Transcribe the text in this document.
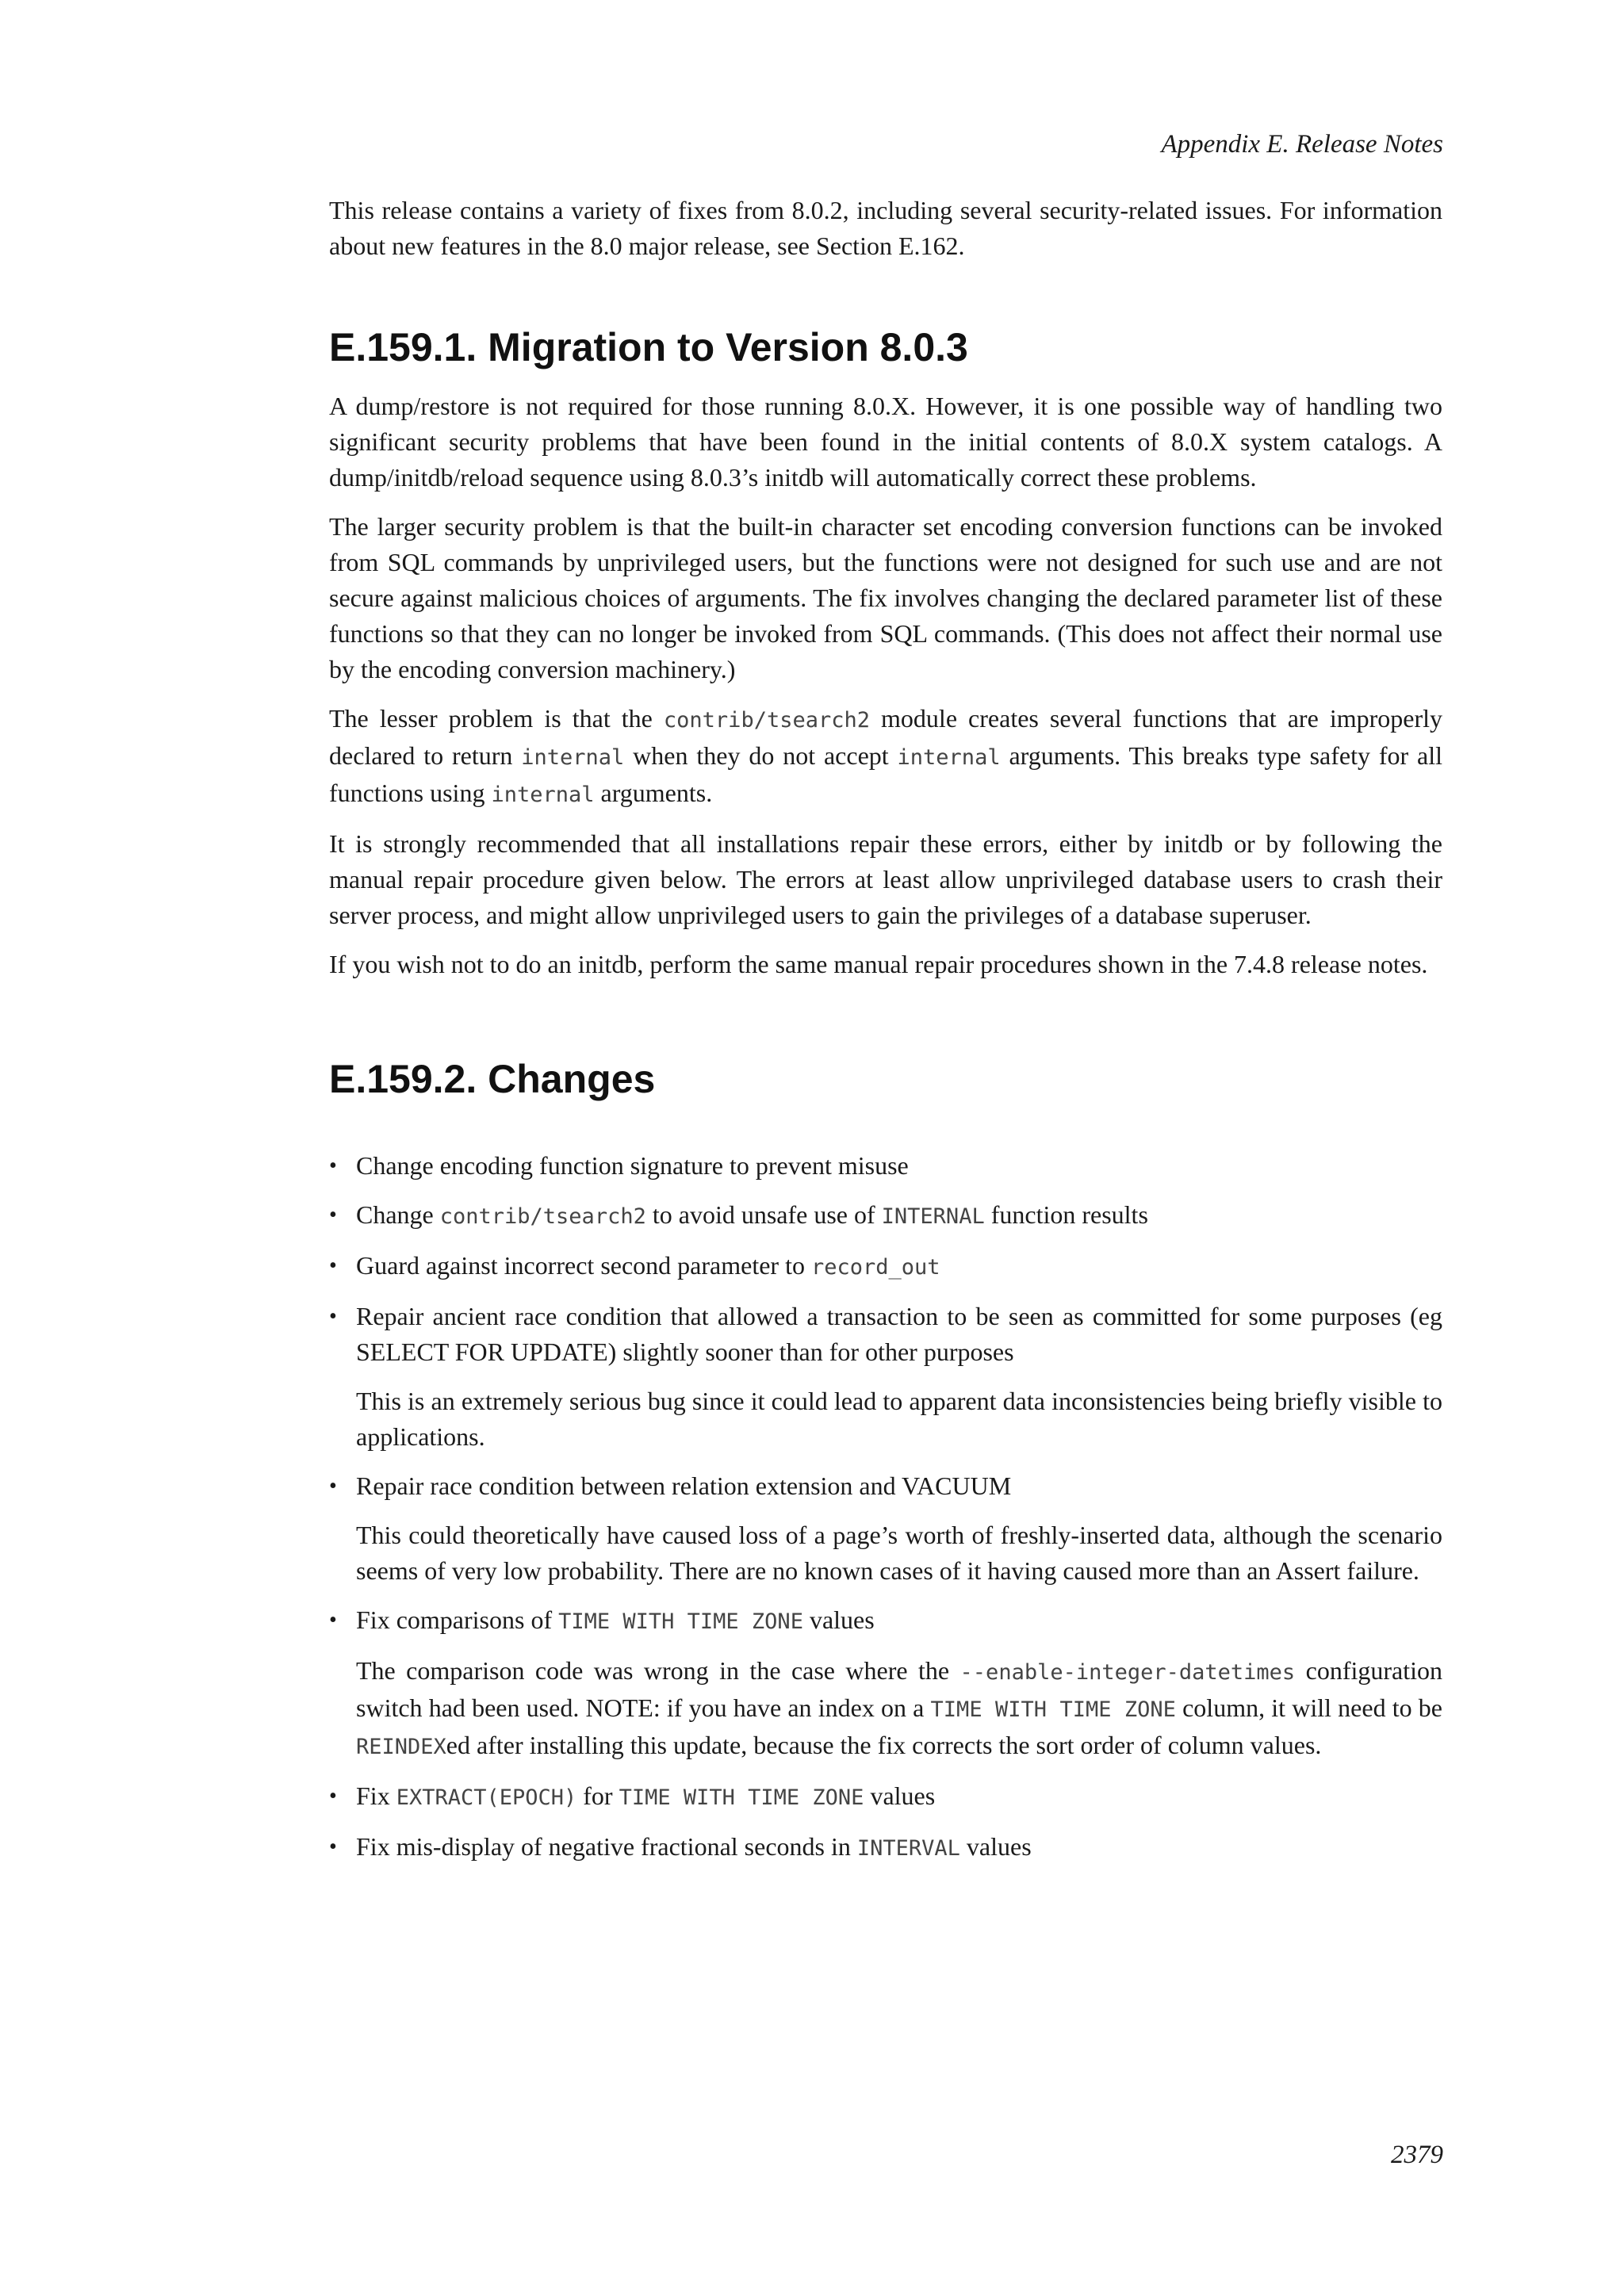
Appendix E. Release Notes

This release contains a variety of fixes from 8.0.2, including several security-related issues. For information about new features in the 8.0 major release, see Section E.162.

E.159.1. Migration to Version 8.0.3

A dump/restore is not required for those running 8.0.X. However, it is one possible way of handling two significant security problems that have been found in the initial contents of 8.0.X system catalogs. A dump/initdb/reload sequence using 8.0.3’s initdb will automatically correct these problems.

The larger security problem is that the built-in character set encoding conversion functions can be invoked from SQL commands by unprivileged users, but the functions were not designed for such use and are not secure against malicious choices of arguments. The fix involves changing the declared parameter list of these functions so that they can no longer be invoked from SQL commands. (This does not affect their normal use by the encoding conversion machinery.)

The lesser problem is that the contrib/tsearch2 module creates several functions that are improperly declared to return internal when they do not accept internal arguments. This breaks type safety for all functions using internal arguments.

It is strongly recommended that all installations repair these errors, either by initdb or by following the manual repair procedure given below. The errors at least allow unprivileged database users to crash their server process, and might allow unprivileged users to gain the privileges of a database superuser.

If you wish not to do an initdb, perform the same manual repair procedures shown in the 7.4.8 release notes.

E.159.2. Changes

• Change encoding function signature to prevent misuse

• Change contrib/tsearch2 to avoid unsafe use of INTERNAL function results

• Guard against incorrect second parameter to record_out

• Repair ancient race condition that allowed a transaction to be seen as committed for some purposes (eg SELECT FOR UPDATE) slightly sooner than for other purposes

This is an extremely serious bug since it could lead to apparent data inconsistencies being briefly visible to applications.

• Repair race condition between relation extension and VACUUM

This could theoretically have caused loss of a page’s worth of freshly-inserted data, although the scenario seems of very low probability. There are no known cases of it having caused more than an Assert failure.

• Fix comparisons of TIME WITH TIME ZONE values

The comparison code was wrong in the case where the --enable-integer-datetimes configuration switch had been used. NOTE: if you have an index on a TIME WITH TIME ZONE column, it will need to be REINDEXed after installing this update, because the fix corrects the sort order of column values.

• Fix EXTRACT(EPOCH) for TIME WITH TIME ZONE values

• Fix mis-display of negative fractional seconds in INTERVAL values

2379
